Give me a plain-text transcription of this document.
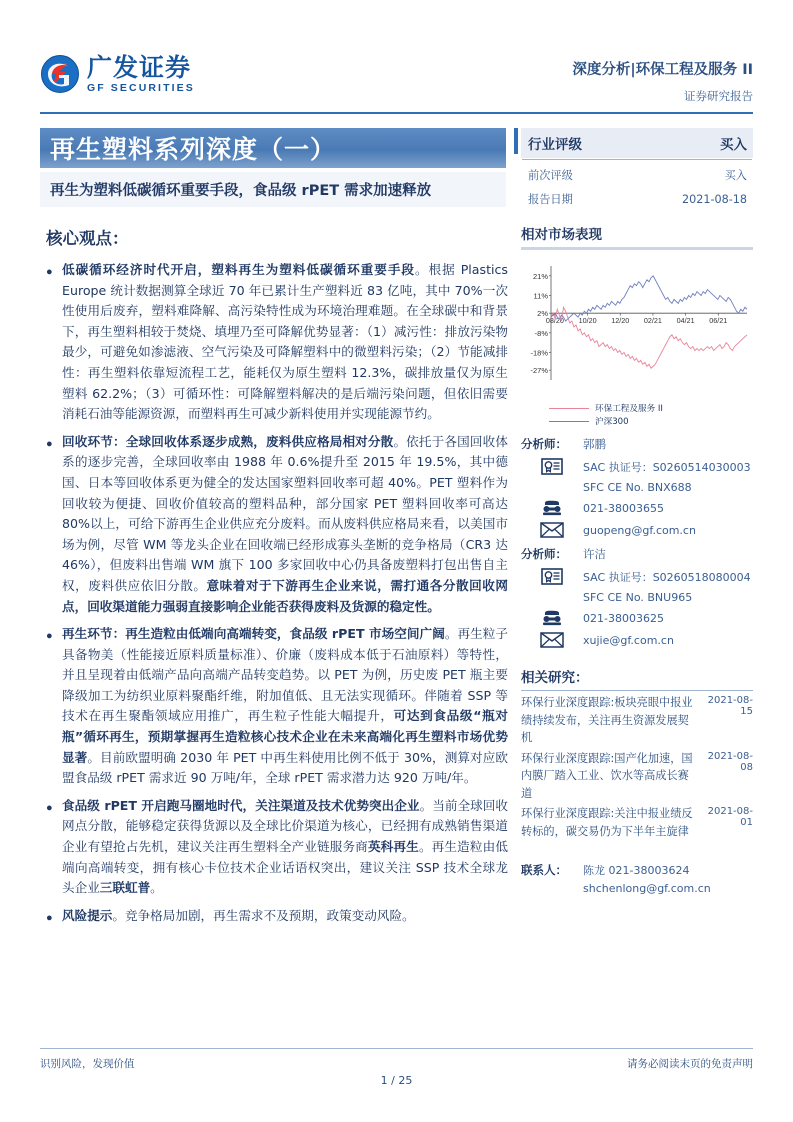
广发证券
GF SECURITIES
深度分析|环保工程及服务 II
证券研究报告
再生塑料系列深度（一）
再生为塑料低碳循环重要手段，食品级 rPET 需求加速释放
核心观点：
● 低碳循环经济时代开启，塑料再生为塑料低碳循环重要手段。根据 Plastics Europe 统计数据测算全球近 70 年已累计生产塑料近 83 亿吨，其中 70%一次性使用后废弃，塑料难降解、高污染特性成为环境治理难题。在全球碳中和背景下，再生塑料相较于焚烧、填埋乃至可降解优势显著：（1）减污性：排放污染物最少，可避免如渗滤液、空气污染及可降解塑料中的微塑料污染；（2）节能减排性：再生塑料依靠短流程工艺，能耗仅为原生塑料 12.3%，碳排放量仅为原生塑料 62.2%；（3）可循环性：可降解塑料解决的是后端污染问题，但依旧需要消耗石油等能源资源，而塑料再生可减少新料使用并实现能源节约。
● 回收环节：全球回收体系逐步成熟，废料供应格局相对分散。依托于各国回收体系的逐步完善，全球回收率由 1988 年 0.6%提升至 2015 年 19.5%，其中德国、日本等回收体系更为健全的发达国家塑料回收率可超 40%。PET 塑料作为回收较为便捷、回收价值较高的塑料品种，部分国家 PET 塑料回收率可高达 80%以上，可给下游再生企业供应充分废料。而从废料供应格局来看，以美国市场为例，尽管 WM 等龙头企业在回收端已经形成寡头垄断的竞争格局（CR3 达 46%），但废料出售端 WM 旗下 100 多家回收中心仍具备废塑料打包出售自主权，废料供应依旧分散。意味着对于下游再生企业来说，需打通各分散回收网点，回收渠道能力强弱直接影响企业能否获得废料及货源的稳定性。
● 再生环节：再生造粒由低端向高端转变，食品级 rPET 市场空间广阔。再生粒子具备物美（性能接近原料质量标准）、价廉（废料成本低于石油原料）等特性，并且呈现着由低端产品向高端产品转变趋势。以 PET 为例，历史废 PET 瓶主要降级加工为纺织业原料聚酯纤维，附加值低、且无法实现循环。伴随着 SSP 等技术在再生聚酯领域应用推广，再生粒子性能大幅提升，可达到食品级“瓶对瓶”循环再生，预期掌握再生造粒核心技术企业在未来高端化再生塑料市场优势显著。目前欧盟明确 2030 年 PET 中再生料使用比例不低于 30%，测算对应欧盟食品级 rPET 需求近 90 万吨/年，全球 rPET 需求潜力达 920 万吨/年。
● 食品级 rPET 开启跑马圈地时代，关注渠道及技术优势突出企业。当前全球回收网点分散，能够稳定获得货源以及全球比价渠道为核心，已经拥有成熟销售渠道企业有望抢占先机，建议关注再生塑料全产业链服务商英科再生。再生造粒由低端向高端转变，拥有核心卡位技术企业话语权突出，建议关注 SSP 技术全球龙头企业三联虹普。
● 风险提示。竞争格局加剧，再生需求不及预期，政策变动风险。
行业评级	买入

前次评级	买入
报告日期	2021-08-18
相对市场表现
21%
11%
2%
-8%
-18%
-27%
08/20 10/20 12/20 02/21 04/21 06/21
环保工程及服务 II
沪深300
分析师：	郭鹏
SAC 执证号：S0260514030003
SFC CE No. BNX688
021-38003655
guopeng@gf.com.cn
分析师：	许洁
SAC 执证号：S0260518080004
SFC CE No. BNU965
021-38003625
xujie@gf.com.cn
相关研究：
环保行业深度跟踪:板块亮眼中报业绩持续发布，关注再生资源发展契机
2021-08-15
环保行业深度跟踪:国产化加速，国内膜厂踏入工业、饮水等高成长赛道
2021-08-08
环保行业深度跟踪:关注中报业绩反转标的，碳交易仍为下半年主旋律
2021-08-01
联系人：	陈龙 021-38003624
shchenlong@gf.com.cn
识别风险，发现价值	请务必阅读末页的免责声明
1 / 25
